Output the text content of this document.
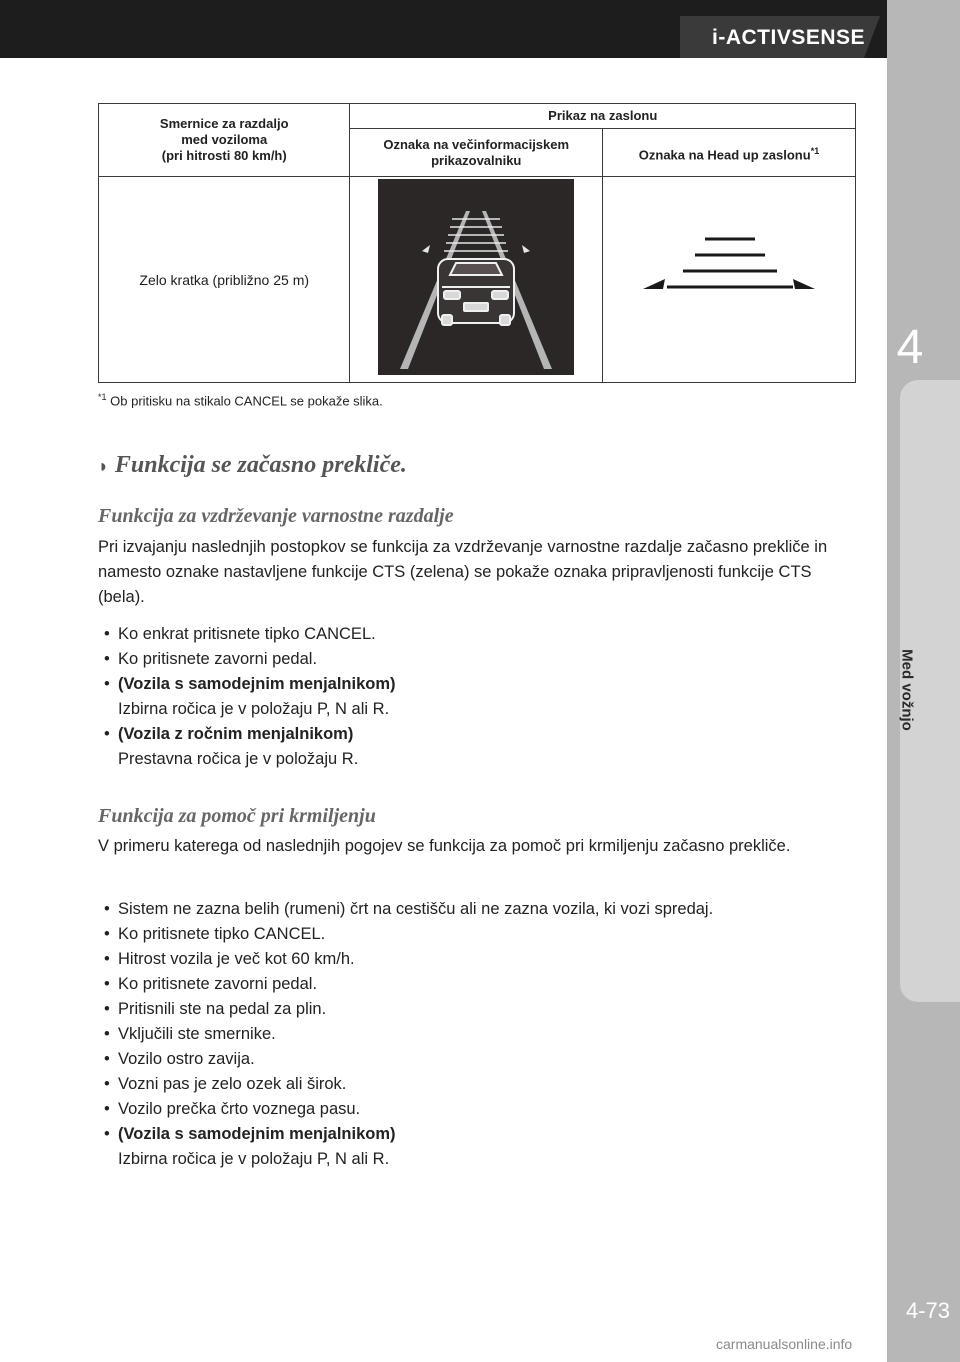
i-ACTIVSENSE
4
Med vožnjo
4-73
carmanualsonline.info
Smernice za razdaljo
med voziloma
(pri hitrosti 80 km/h)	Prikaz na zaslonu	

	Oznaka na večinformacijskem
prikazovalniku	Oznaka na Head up zaslonu$^{*1}$
Zelo kratka (približno 25 m)		
$^{*1}$ Ob pritisku na stikalo CANCEL se pokaže slika.
◗ Funkcija se začasno prekliče.
Funkcija za vzdrževanje varnostne razdalje
Pri izvajanju naslednjih postopkov se funkcija za vzdrževanje varnostne razdalje začasno prekliče in namesto oznake nastavljene funkcije CTS (zelena) se pokaže oznaka pripravljenosti funkcije CTS (bela).
• Ko enkrat pritisnete tipko CANCEL.
• Ko pritisnete zavorni pedal.
• (Vozila s samodejnim menjalnikom)
Izbirna ročica je v položaju P, N ali R.
• (Vozila z ročnim menjalnikom)
Prestavna ročica je v položaju R.
Funkcija za pomoč pri krmiljenju
V primeru katerega od naslednjih pogojev se funkcija za pomoč pri krmiljenju začasno prekliče.
• Sistem ne zazna belih (rumeni) črt na cestišču ali ne zazna vozila, ki vozi spredaj.
• Ko pritisnete tipko CANCEL.
• Hitrost vozila je več kot 60 km/h.
• Ko pritisnete zavorni pedal.
• Pritisnili ste na pedal za plin.
• Vključili ste smernike.
• Vozilo ostro zavija.
• Vozni pas je zelo ozek ali širok.
• Vozilo prečka črto voznega pasu.
• (Vozila s samodejnim menjalnikom)
Izbirna ročica je v položaju P, N ali R.
